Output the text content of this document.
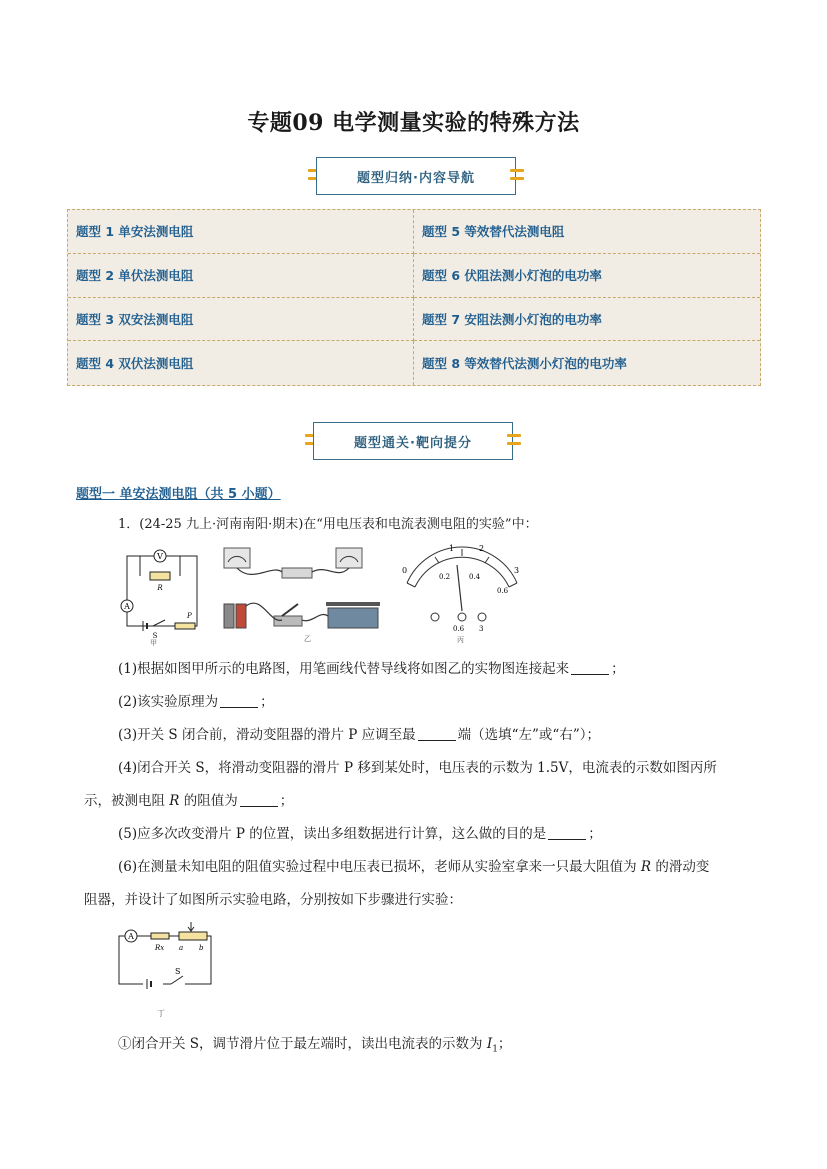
专题09 电学测量实验的特殊方法
题型归纳·内容导航
题型 1 单安法测电阻	题型 5 等效替代法测电阻
题型 2 单伏法测电阻	题型 6 伏阻法测小灯泡的电功率
题型 3 双安法测电阻	题型 7 安阻法测小灯泡的电功率
题型 4 双伏法测电阻	题型 8 等效替代法测小灯泡的电功率
题型通关·靶向提分
题型一 单安法测电阻（共 5 小题）
1．(24-25 九上·河南南阳·期末)在“用电压表和电流表测电阻的实验”中：
V
R
A
S
P
甲	乙
0
1	2
3
0.2	0.4
0.6
0.6 3
丙
(1)根据如图甲所示的电路图，用笔画线代替导线将如图乙的实物图连接起来	；
(2)该实验原理为	；
(3)开关 S 闭合前，滑动变阻器的滑片 P 应调至最	端（选填“左”或“右”）；
(4)闭合开关 S，将滑动变阻器的滑片 P 移到某处时，电压表的示数为 1.5V，电流表的示数如图丙所
示，被测电阻 R 的阻值为	；
(5)应多次改变滑片 P 的位置，读出多组数据进行计算，这么做的目的是	；
(6)在测量未知电阻的阻值实验过程中电压表已损坏，老师从实验室拿来一只最大阻值为 R 的滑动变
阻器，并设计了如图所示实验电路，分别按如下步骤进行实验：
A
Rx a b
S
丁
①闭合开关 S，调节滑片位于最左端时，读出电流表的示数为 $I_1$；
